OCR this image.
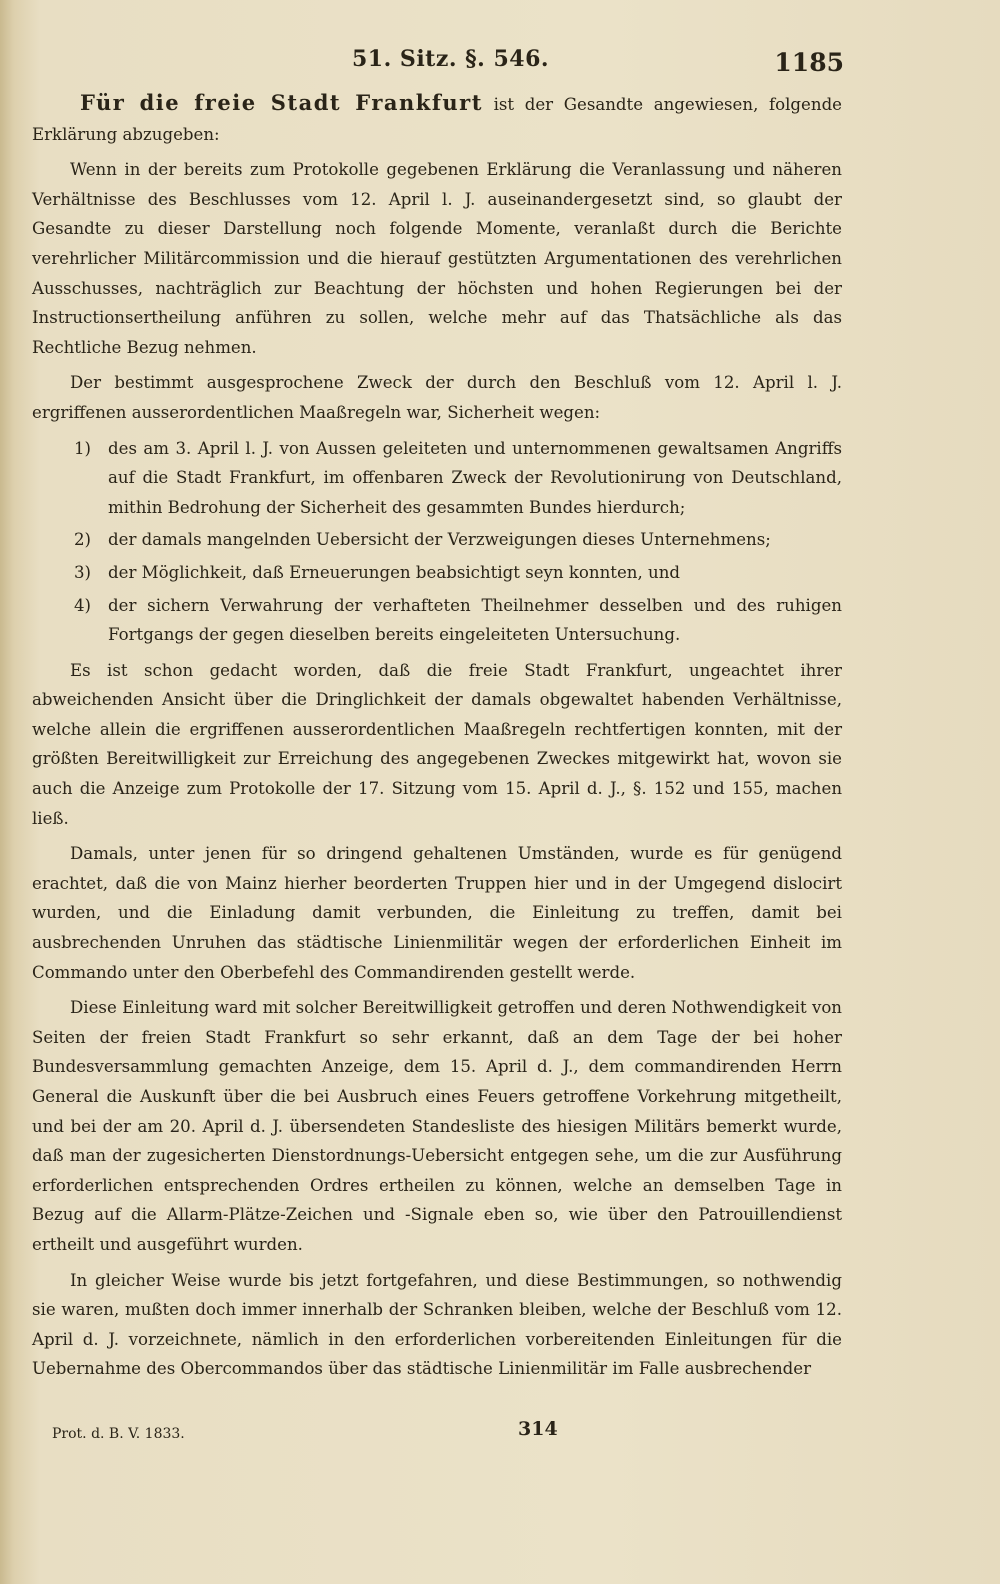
51. Sitz. §. 546.	1185

Für die freie Stadt Frankfurt ist der Gesandte angewiesen, folgende Erklärung abzugeben:

Wenn in der bereits zum Protokolle gegebenen Erklärung die Veranlassung und näheren Verhältnisse des Beschlusses vom 12. April l. J. auseinandergesetzt sind, so glaubt der Gesandte zu dieser Darstellung noch folgende Momente, veranlaßt durch die Berichte verehrlicher Militärcommission und die hierauf gestützten Argumentationen des verehrlichen Ausschusses, nachträglich zur Beachtung der höchsten und hohen Regierungen bei der Instructionsertheilung anführen zu sollen, welche mehr auf das Thatsächliche als das Rechtliche Bezug nehmen.

Der bestimmt ausgesprochene Zweck der durch den Beschluß vom 12. April l. J. ergriffenen ausserordentlichen Maaßregeln war, Sicherheit wegen:

1) des am 3. April l. J. von Aussen geleiteten und unternommenen gewaltsamen Angriffs auf die Stadt Frankfurt, im offenbaren Zweck der Revolutionirung von Deutschland, mithin Bedrohung der Sicherheit des gesammten Bundes hierdurch;
2) der damals mangelnden Uebersicht der Verzweigungen dieses Unternehmens;
3) der Möglichkeit, daß Erneuerungen beabsichtigt seyn konnten, und
4) der sichern Verwahrung der verhafteten Theilnehmer desselben und des ruhigen Fortgangs der gegen dieselben bereits eingeleiteten Untersuchung.

Es ist schon gedacht worden, daß die freie Stadt Frankfurt, ungeachtet ihrer abweichenden Ansicht über die Dringlichkeit der damals obgewaltet habenden Verhältnisse, welche allein die ergriffenen ausserordentlichen Maaßregeln rechtfertigen konnten, mit der größten Bereitwilligkeit zur Erreichung des angegebenen Zweckes mitgewirkt hat, wovon sie auch die Anzeige zum Protokolle der 17. Sitzung vom 15. April d. J., §. 152 und 155, machen ließ.

Damals, unter jenen für so dringend gehaltenen Umständen, wurde es für genügend erachtet, daß die von Mainz hierher beorderten Truppen hier und in der Umgegend dislocirt wurden, und die Einladung damit verbunden, die Einleitung zu treffen, damit bei ausbrechenden Unruhen das städtische Linienmilitär wegen der erforderlichen Einheit im Commando unter den Oberbefehl des Commandirenden gestellt werde.

Diese Einleitung ward mit solcher Bereitwilligkeit getroffen und deren Nothwendigkeit von Seiten der freien Stadt Frankfurt so sehr erkannt, daß an dem Tage der bei hoher Bundesversammlung gemachten Anzeige, dem 15. April d. J., dem commandirenden Herrn General die Auskunft über die bei Ausbruch eines Feuers getroffene Vorkehrung mitgetheilt, und bei der am 20. April d. J. übersendeten Standesliste des hiesigen Militärs bemerkt wurde, daß man der zugesicherten Dienstordnungs-Uebersicht entgegen sehe, um die zur Ausführung erforderlichen entsprechenden Ordres ertheilen zu können, welche an demselben Tage in Bezug auf die Allarm-Plätze-Zeichen und -Signale eben so, wie über den Patrouillendienst ertheilt und ausgeführt wurden.

In gleicher Weise wurde bis jetzt fortgefahren, und diese Bestimmungen, so nothwendig sie waren, mußten doch immer innerhalb der Schranken bleiben, welche der Beschluß vom 12. April d. J. vorzeichnete, nämlich in den erforderlichen vorbereitenden Einleitungen für die Uebernahme des Obercommandos über das städtische Linienmilitär im Falle ausbrechender

Prot. d. B. V. 1833.	314
